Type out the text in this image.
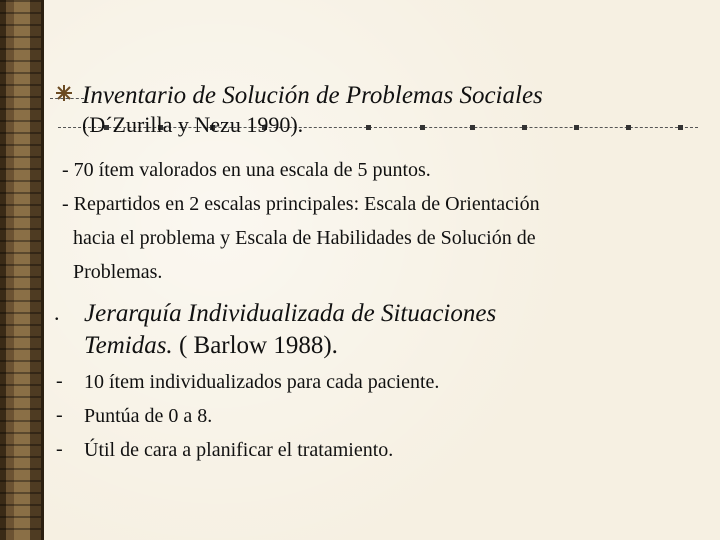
Inventario de Solución de Problemas Sociales
(D´Zurilla y Nezu 1990).
- 70 ítem valorados en una escala de 5 puntos.
- Repartidos en 2 escalas principales: Escala de Orientación
hacia el problema y Escala de Habilidades de Solución de
Problemas.
. Jerarquía Individualizada de Situaciones
Temidas. ( Barlow 1988).
- 10 ítem individualizados para cada paciente.
- Puntúa de 0 a 8.
- Útil de cara a planificar el tratamiento.
